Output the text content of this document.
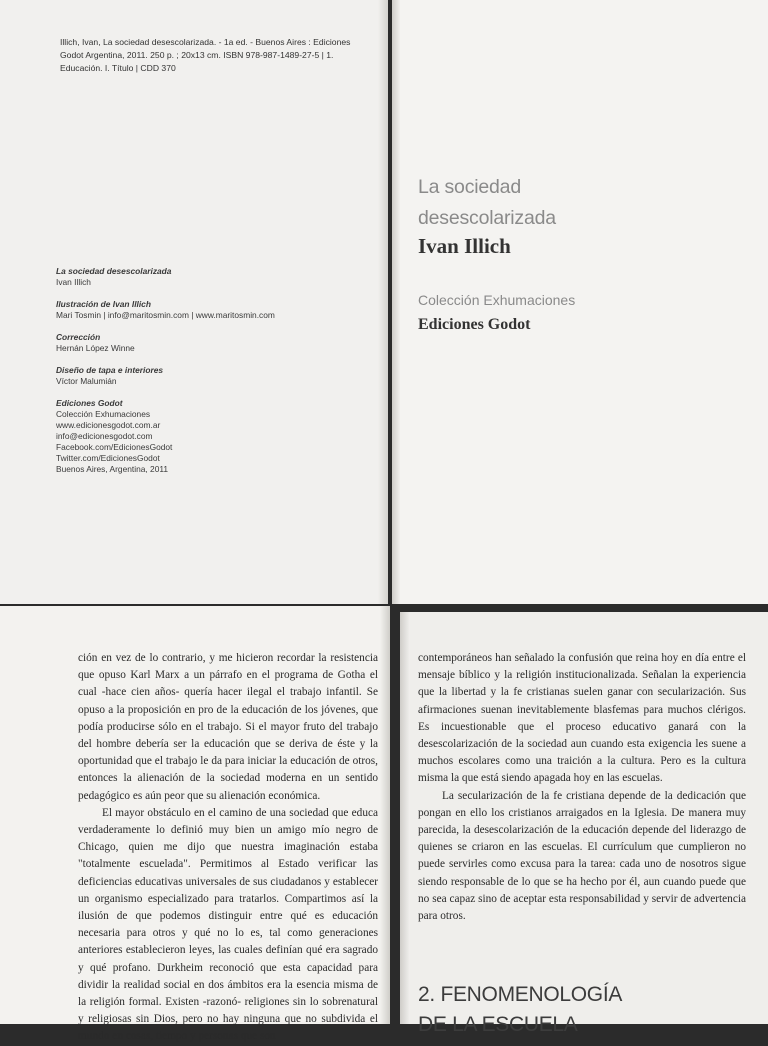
Illich, Ivan, La sociedad desescolarizada. - 1a ed. - Buenos Aires : Ediciones
Godot Argentina, 2011. 250 p. ; 20x13 cm. ISBN 978-987-1489-27-5 | 1.
Educación. I. Título | CDD 370
La sociedad desescolarizada
Ivan Illich
Ilustración de Ivan Illich
Mari Tosmin | info@maritosmin.com | www.maritosmin.com
Corrección
Hernán López Winne
Diseño de tapa e interiores
Víctor Malumián
Ediciones Godot
Colección Exhumaciones
www.edicionesgodot.com.ar
info@edicionesgodot.com
Facebook.com/EdicionesGodot
Twitter.com/EdicionesGodot
Buenos Aires, Argentina, 2011
La sociedad
desescolarizada
Ivan Illich
Colección Exhumaciones
Ediciones Godot

ción en vez de lo contrario, y me hicieron recordar la resistencia que opuso Karl Marx a un párrafo en el programa de Gotha el cual -hace cien años- quería hacer ilegal el trabajo infantil. Se opuso a la proposición en pro de la educación de los jóvenes, que podía producirse sólo en el trabajo. Si el mayor fruto del trabajo del hombre debería ser la educación que se deriva de éste y la oportunidad que el trabajo le da para iniciar la educación de otros, entonces la alienación de la sociedad moderna en un sentido pedagógico es aún peor que su alienación económica.

El mayor obstáculo en el camino de una sociedad que educa verdaderamente lo definió muy bien un amigo mío negro de Chicago, quien me dijo que nuestra imaginación estaba "totalmente escuelada". Permitimos al Estado verificar las deficiencias educativas universales de sus ciudadanos y establecer un organismo especializado para tratarlos. Compartimos así la ilusión de que podemos distinguir entre qué es educación necesaria para otros y qué no lo es, tal como generaciones anteriores establecieron leyes, las cuales definían qué era sagrado y qué profano. Durkheim reconoció que esta capacidad para dividir la realidad social en dos ámbitos era la esencia misma de la religión formal. Existen -razonó- religiones sin lo sobrenatural y religiosas sin Dios, pero no hay ninguna que no subdivida el mundo en cosas, tiempo y personas que son

contemporáneos han señalado la confusión que reina hoy en día entre el mensaje bíblico y la religión institucionalizada. Señalan la experiencia que la libertad y la fe cristianas suelen ganar con secularización. Sus afirmaciones suenan inevitablemente blasfemas para muchos clérigos. Es incuestionable que el proceso educativo ganará con la desescolarización de la sociedad aun cuando esta exigencia les suene a muchos escolares como una traición a la cultura. Pero es la cultura misma la que está siendo apagada hoy en las escuelas.

La secularización de la fe cristiana depende de la dedicación que pongan en ello los cristianos arraigados en la Iglesia. De manera muy parecida, la desescolarización de la educación depende del liderazgo de quienes se criaron en las escuelas. El currículum que cumplieron no puede servirles como excusa para la tarea: cada uno de nosotros sigue siendo responsable de lo que se ha hecho por él, aun cuando puede que no sea capaz sino de aceptar esta responsabilidad y servir de advertencia para otros.

2. FENOMENOLOGÍA
DE LA ESCUELA
